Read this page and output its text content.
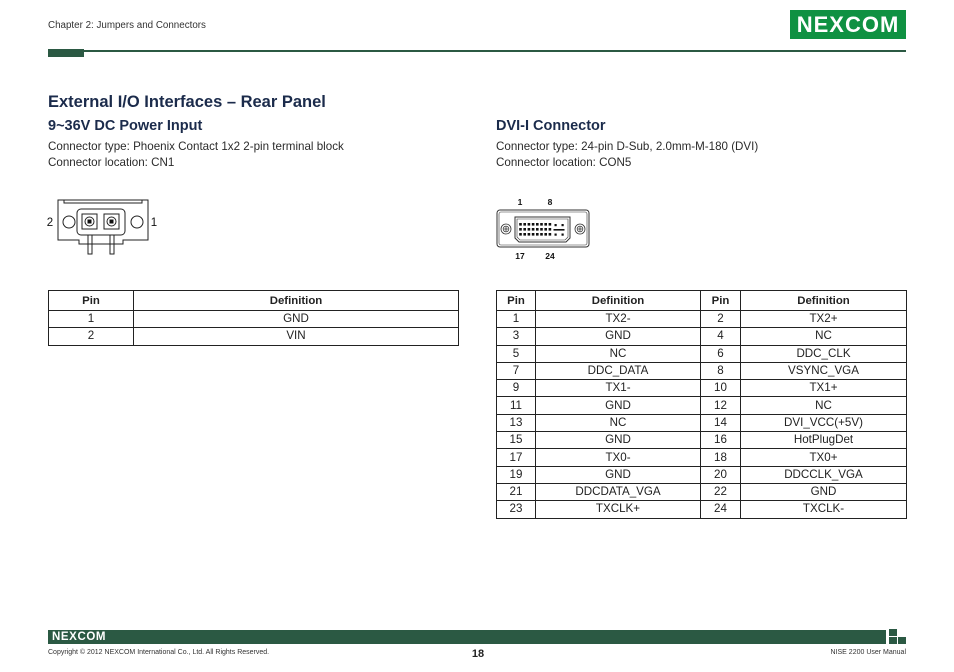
Chapter 2: Jumpers and Connectors	NEXCOM
External I/O Interfaces – Rear Panel
9~36V DC Power Input
Connector type: Phoenix Contact 1x2 2-pin terminal block
Connector location: CN1
2	1
Pin	Definition
1	GND
2	VIN
DVI-I Connector
Connector type: 24-pin D-Sub, 2.0mm-M-180 (DVI)
Connector location: CON5
1	8
17 24
Pin	Definition	Pin	Definition
1	TX2-	2	TX2+
3	GND	4	NC
5	NC	6	DDC_CLK
7	DDC_DATA	8	VSYNC_VGA
9	TX1-	10	TX1+
11	GND	12	NC
13	NC	14	DVI_VCC(+5V)
15	GND	16	HotPlugDet
17	TX0-	18	TX0+
19	GND	20	DDCCLK_VGA
21	DDCDATA_VGA	22	GND
23	TXCLK+	24	TXCLK-
NEXCOM
Copyright © 2012 NEXCOM International Co., Ltd. All Rights Reserved.	18	NISE 2200 User Manual
